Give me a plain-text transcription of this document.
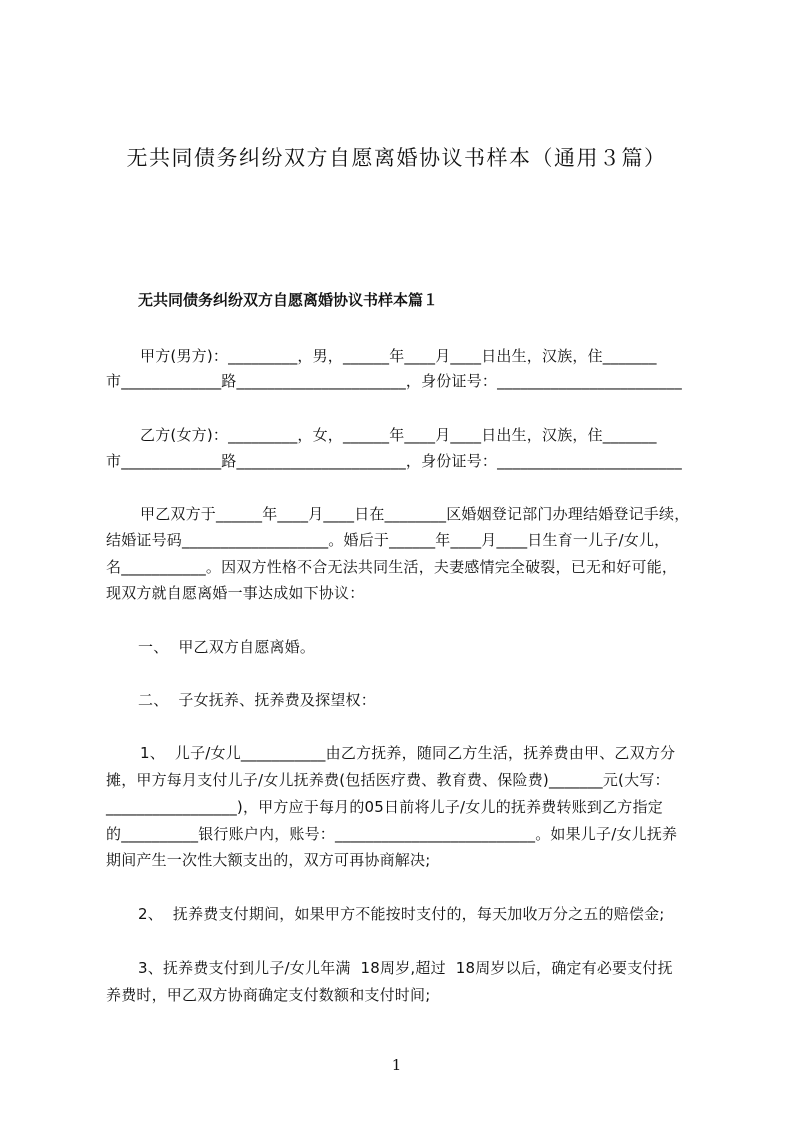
无共同债务纠纷双方自愿离婚协议书样本（通用３篇）
无共同债务纠纷双方自愿离婚协议书样本篇１
甲方(男方)：_________，男，______年____月____日出生，汉族，住_______
市_____________路______________________，身份证号：________________________
乙方(女方)：_________，女，______年____月____日出生，汉族，住_______
市_____________路______________________，身份证号：________________________
甲乙双方于______年____月____日在________区婚姻登记部门办理结婚登记手续，
结婚证号码___________________。婚后于______年____月____日生育一儿子/女儿，
名___________。因双方性格不合无法共同生活，夫妻感情完全破裂，已无和好可能，
现双方就自愿离婚一事达成如下协议：
一、  甲乙双方自愿离婚。
二、  子女抚养、抚养费及探望权：
1、  儿子/女儿___________由乙方抚养，随同乙方生活，抚养费由甲、乙双方分
摊，甲方每月支付儿子/女儿抚养费(包括医疗费、教育费、保险费)_______元(大写：
_________________)，甲方应于每月的05日前将儿子/女儿的抚养费转账到乙方指定
的__________银行账户内，账号：__________________________。如果儿子/女儿抚养
期间产生一次性大额支出的，双方可再协商解决;
2、  抚养费支付期间，如果甲方不能按时支付的，每天加收万分之五的赔偿金;
3、抚养费支付到儿子/女儿年满  18周岁,超过  18周岁以后，确定有必要支付抚
养费时，甲乙双方协商确定支付数额和支付时间;
1
